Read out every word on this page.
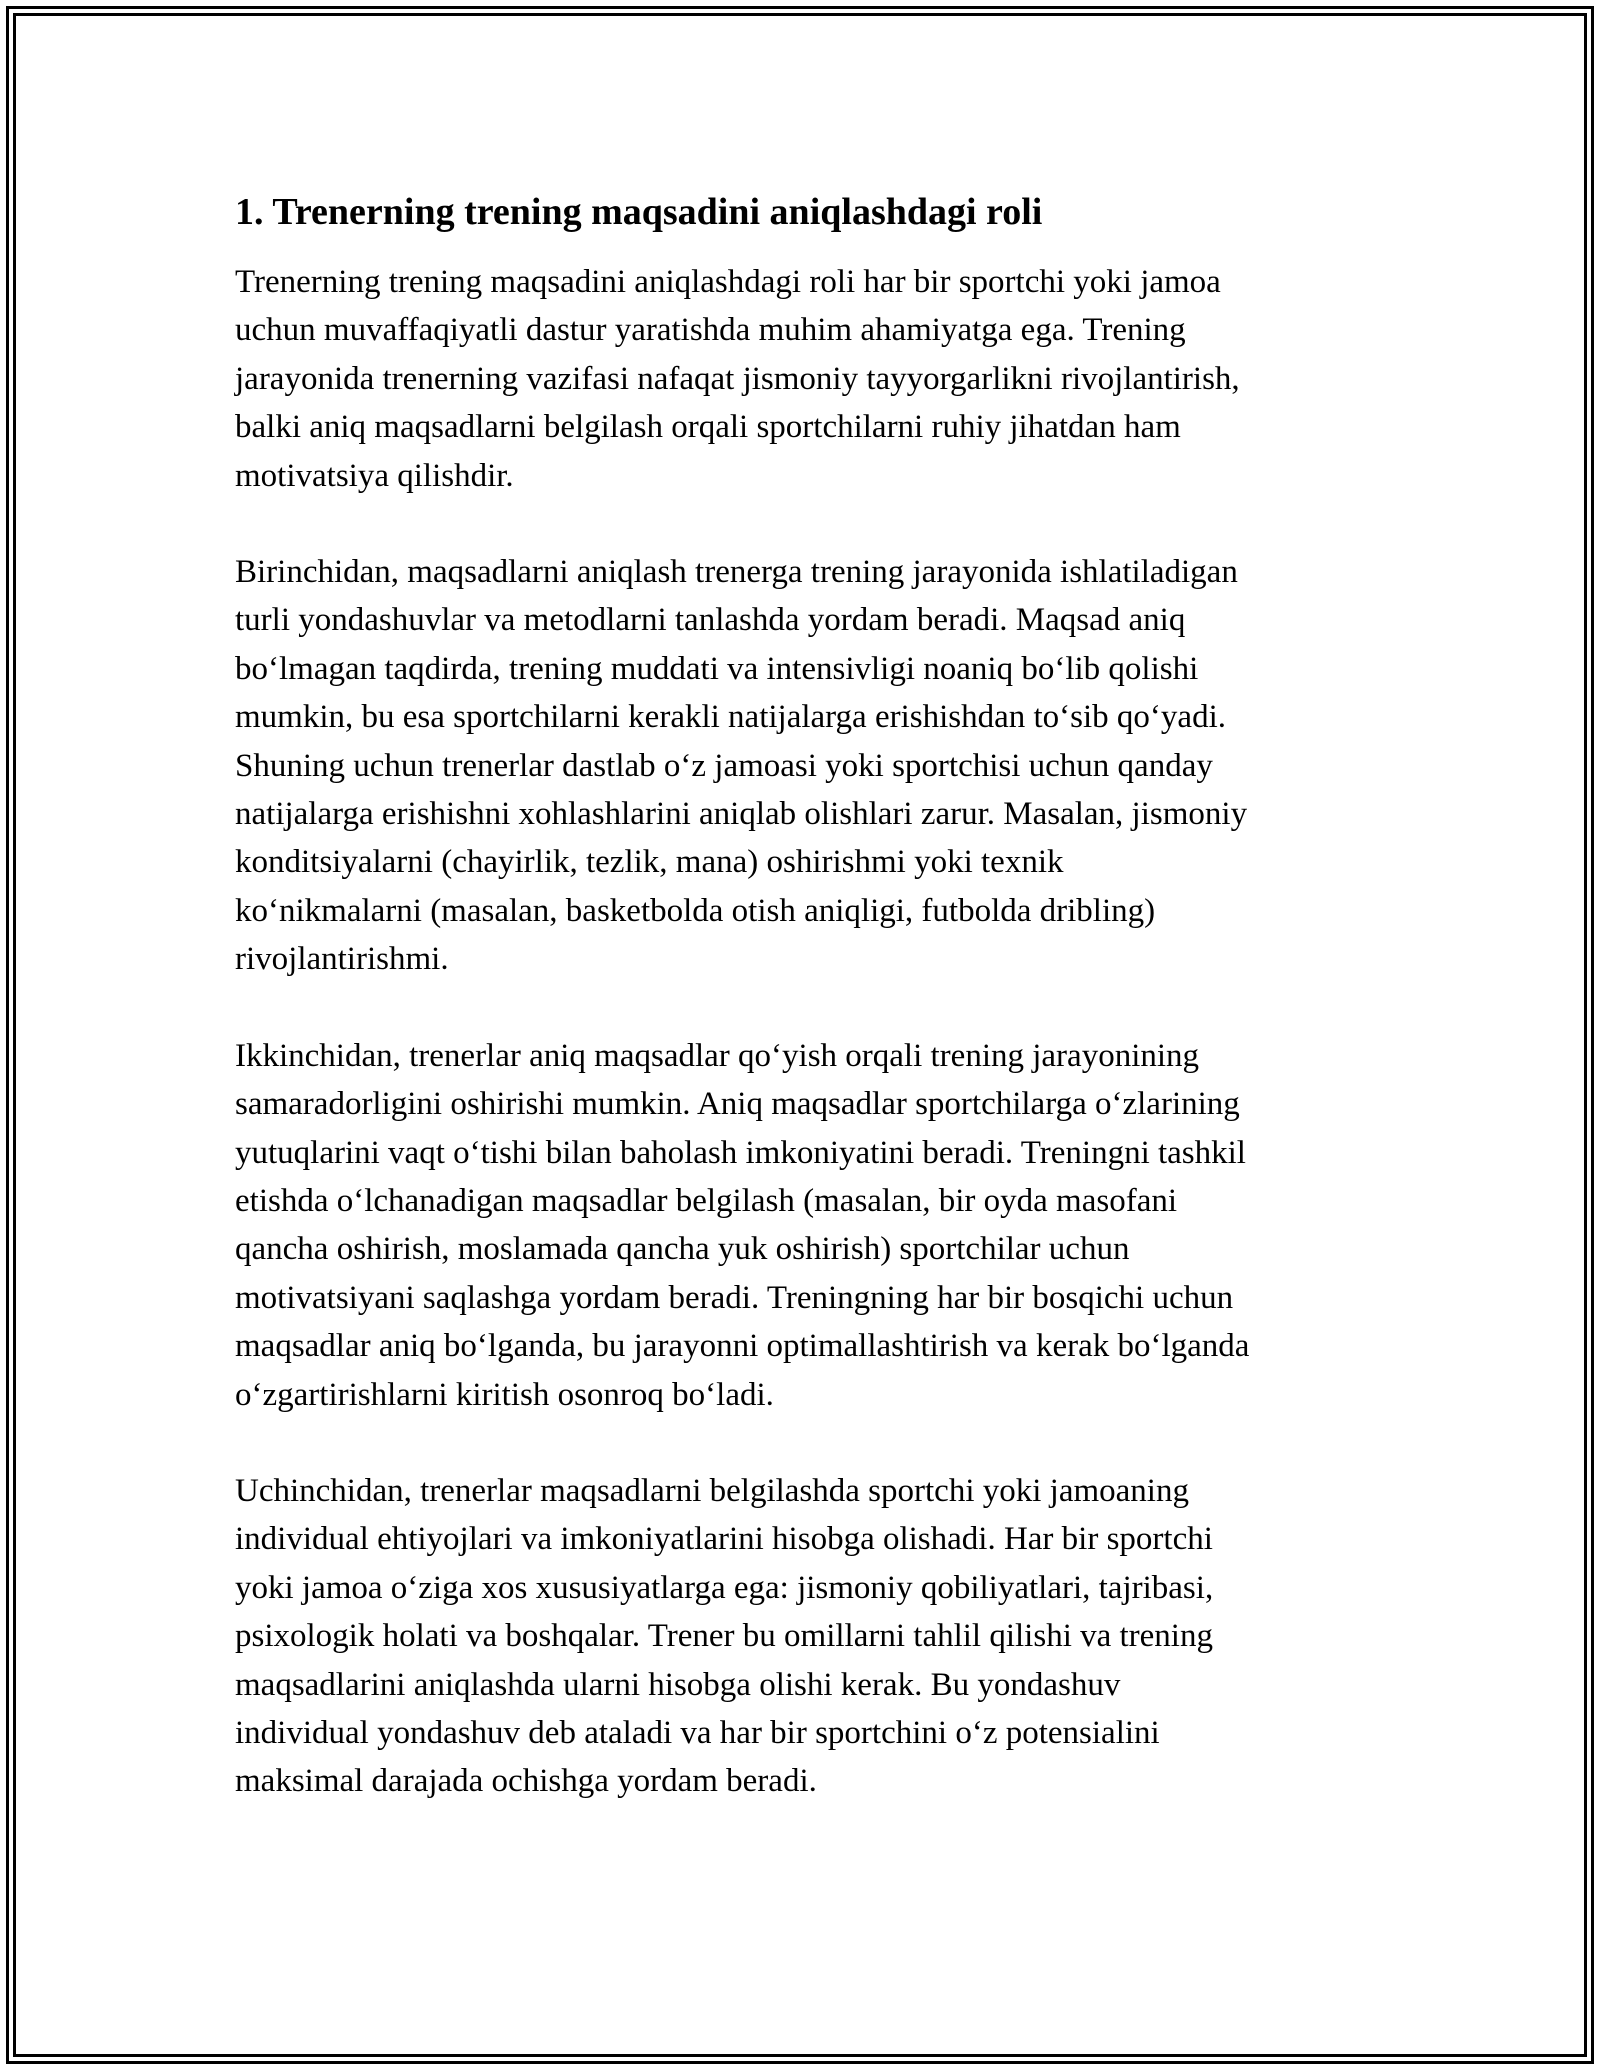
1. Trenerning trening maqsadini aniqlashdagi roli
Trenerning trening maqsadini aniqlashdagi roli har bir sportchi yoki jamoa
uchun muvaffaqiyatli dastur yaratishda muhim ahamiyatga ega. Trening
jarayonida trenerning vazifasi nafaqat jismoniy tayyorgarlikni rivojlantirish,
balki aniq maqsadlarni belgilash orqali sportchilarni ruhiy jihatdan ham
motivatsiya qilishdir.
Birinchidan, maqsadlarni aniqlash trenerga trening jarayonida ishlatiladigan
turli yondashuvlar va metodlarni tanlashda yordam beradi. Maqsad aniq
bo‘lmagan taqdirda, trening muddati va intensivligi noaniq bo‘lib qolishi
mumkin, bu esa sportchilarni kerakli natijalarga erishishdan to‘sib qo‘yadi.
Shuning uchun trenerlar dastlab o‘z jamoasi yoki sportchisi uchun qanday
natijalarga erishishni xohlashlarini aniqlab olishlari zarur. Masalan, jismoniy
konditsiyalarni (chayirlik, tezlik, mana) oshirishmi yoki texnik
ko‘nikmalarni (masalan, basketbolda otish aniqligi, futbolda dribling)
rivojlantirishmi.
Ikkinchidan, trenerlar aniq maqsadlar qo‘yish orqali trening jarayonining
samaradorligini oshirishi mumkin. Aniq maqsadlar sportchilarga o‘zlarining
yutuqlarini vaqt o‘tishi bilan baholash imkoniyatini beradi. Treningni tashkil
etishda o‘lchanadigan maqsadlar belgilash (masalan, bir oyda masofani
qancha oshirish, moslamada qancha yuk oshirish) sportchilar uchun
motivatsiyani saqlashga yordam beradi. Treningning har bir bosqichi uchun
maqsadlar aniq bo‘lganda, bu jarayonni optimallashtirish va kerak bo‘lganda
o‘zgartirishlarni kiritish osonroq bo‘ladi.
Uchinchidan, trenerlar maqsadlarni belgilashda sportchi yoki jamoaning
individual ehtiyojlari va imkoniyatlarini hisobga olishadi. Har bir sportchi
yoki jamoa o‘ziga xos xususiyatlarga ega: jismoniy qobiliyatlari, tajribasi,
psixologik holati va boshqalar. Trener bu omillarni tahlil qilishi va trening
maqsadlarini aniqlashda ularni hisobga olishi kerak. Bu yondashuv
individual yondashuv deb ataladi va har bir sportchini o‘z potensialini
maksimal darajada ochishga yordam beradi.
